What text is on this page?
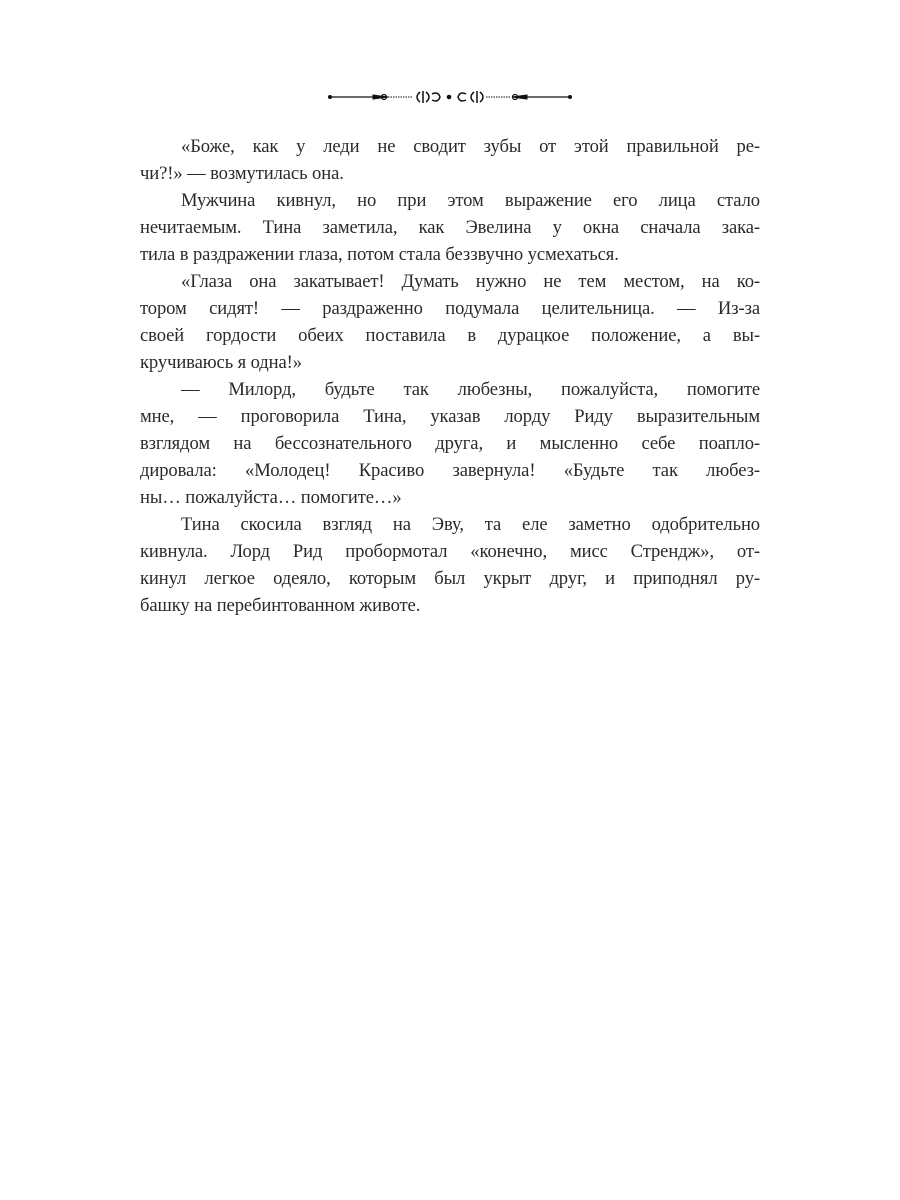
«Боже, как у леди не сводит зубы от этой правильной ре-
чи?!» — возмутилась она.
Мужчина кивнул, но при этом выражение его лица стало
нечитаемым. Тина заметила, как Эвелина у окна сначала зака-
тила в раздражении глаза, потом стала беззвучно усмехаться.
«Глаза она закатывает! Думать нужно не тем местом, на ко-
тором сидят! — раздраженно подумала целительница. — Из-за
своей гордости обеих поставила в дурацкое положение, а вы-
кручиваюсь я одна!»
— Милорд, будьте так любезны, пожалуйста, помогите
мне, — проговорила Тина, указав лорду Риду выразительным
взглядом на бессознательного друга, и мысленно себе поапло-
дировала: «Молодец! Красиво завернула! «Будьте так любез-
ны… пожалуйста… помогите…»
Тина скосила взгляд на Эву, та еле заметно одобрительно
кивнула. Лорд Рид пробормотал «конечно, мисс Стрендж», от-
кинул легкое одеяло, которым был укрыт друг, и приподнял ру-
башку на перебинтованном животе.
